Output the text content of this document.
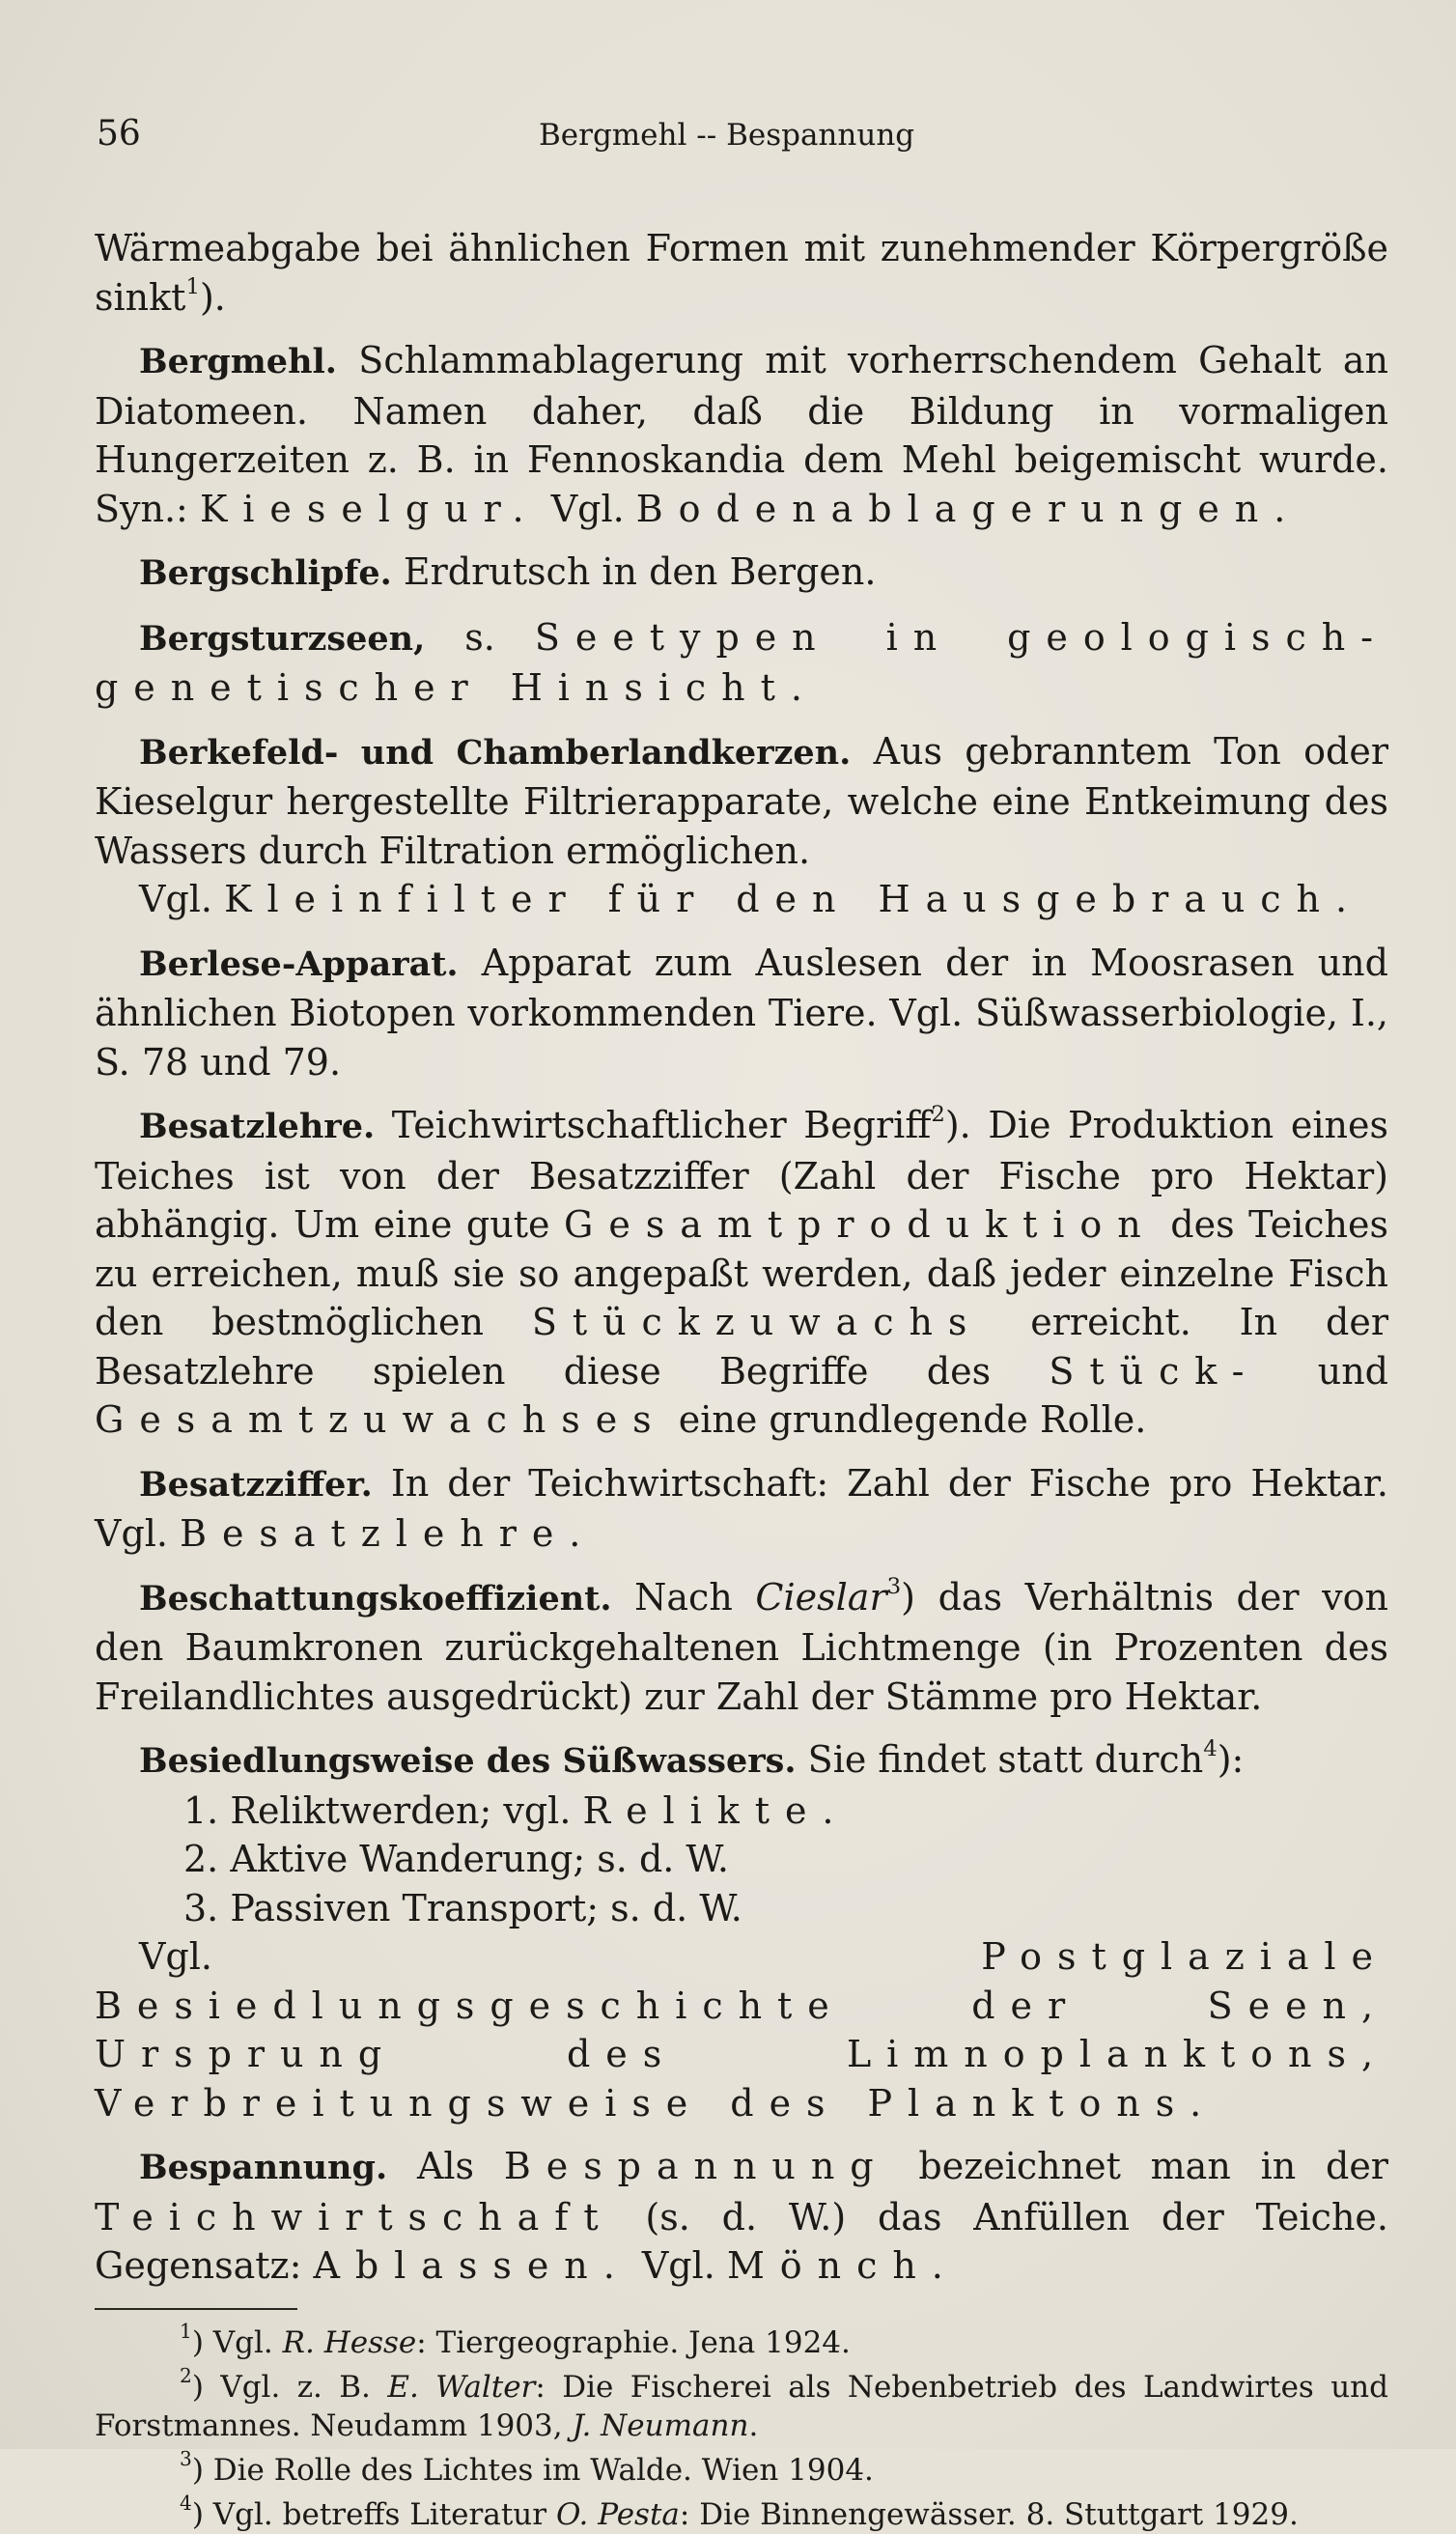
56	Bergmehl -- Bespannung

Wärmeabgabe bei ähnlichen Formen mit zunehmender Körpergröße sinkt$^1$).

Bergmehl. Schlammablagerung mit vorherrschendem Gehalt an Diatomeen. Namen daher, daß die Bildung in vormaligen Hungerzeiten z. B. in Fennoskandia dem Mehl beigemischt wurde. Syn.: Kieselgur. Vgl. Bodenablagerungen.

Bergschlipfe. Erdrutsch in den Bergen.

Bergsturzseen, s. Seetypen in geologisch-genetischer Hinsicht.

Berkefeld- und Chamberlandkerzen. Aus gebranntem Ton oder Kieselgur hergestellte Filtrierapparate, welche eine Entkeimung des Wassers durch Filtration ermöglichen.

Vgl. Kleinfilter für den Hausgebrauch.

Berlese-Apparat. Apparat zum Auslesen der in Moosrasen und ähnlichen Biotopen vorkommenden Tiere. Vgl. Süßwasserbiologie, I., S. 78 und 79.

Besatzlehre. Teichwirtschaftlicher Begriff$^2$). Die Produktion eines Teiches ist von der Besatzziffer (Zahl der Fische pro Hektar) abhängig. Um eine gute Gesamtproduktion des Teiches zu erreichen, muß sie so angepaßt werden, daß jeder einzelne Fisch den bestmöglichen Stückzuwachs erreicht. In der Besatzlehre spielen diese Begriffe des Stück- und Gesamtzuwachses eine grundlegende Rolle.

Besatzziffer. In der Teichwirtschaft: Zahl der Fische pro Hektar. Vgl. Besatzlehre.

Beschattungskoeffizient. Nach Cieslar$^3$) das Verhältnis der von den Baumkronen zurückgehaltenen Lichtmenge (in Prozenten des Freilandlichtes ausgedrückt) zur Zahl der Stämme pro Hektar.

Besiedlungsweise des Süßwassers. Sie findet statt durch$^4$):

1. Reliktwerden; vgl. Relikte.

2. Aktive Wanderung; s. d. W.

3. Passiven Transport; s. d. W.

Vgl.	Postglaziale Besiedlungsgeschichte der Seen, Ursprung des Limnoplanktons, Verbreitungsweise des Planktons.

Bespannung. Als Bespannung bezeichnet man in der Teichwirtschaft (s. d. W.) das Anfüllen der Teiche. Gegensatz: Ablassen. Vgl. Mönch.

$^1$) Vgl. R. Hesse: Tiergeographie. Jena 1924.

$^2$) Vgl. z. B. E. Walter: Die Fischerei als Nebenbetrieb des Landwirtes und Forstmannes. Neudamm 1903, J. Neumann.

$^3$) Die Rolle des Lichtes im Walde. Wien 1904.

$^4$) Vgl. betreffs Literatur O. Pesta: Die Binnengewässer. 8. Stuttgart 1929.
